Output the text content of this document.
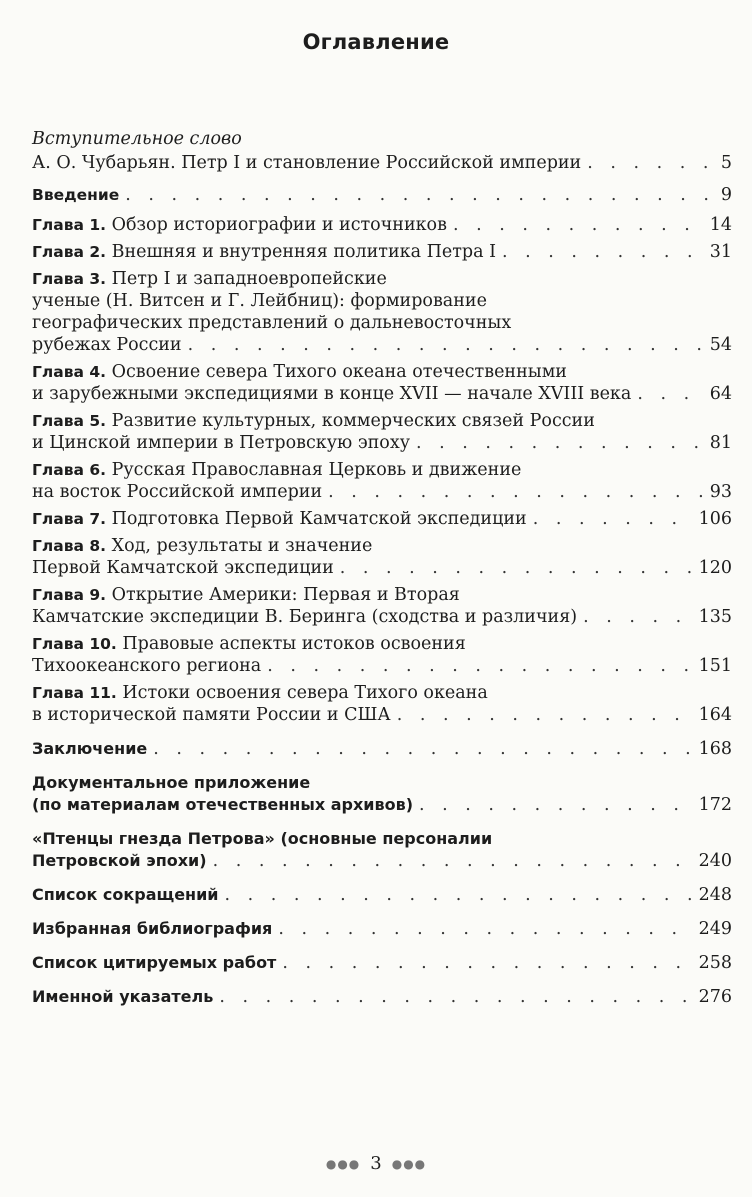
Оглавление
Вступительное слово
А. О. Чубарьян. Петр I и становление Российской империи . . .	5
Введение . . .	9
Глава 1. Обзор историографии и источников . . .	14
Глава 2. Внешняя и внутренняя политика Петра I . . .	31
Глава 3. Петр I и западноевропейские
ученые (Н. Витсен и Г. Лейбниц): формирование
географических представлений о дальневосточных
рубежах России . . .	54
Глава 4. Освоение севера Тихого океана отечественными
и зарубежными экспедициями в конце XVII — начале XVIII века . . .	64
Глава 5. Развитие культурных, коммерческих связей России
и Цинской империи в Петровскую эпоху . . .	81
Глава 6. Русская Православная Церковь и движение
на восток Российской империи . . .	93
Глава 7. Подготовка Первой Камчатской экспедиции . . .	106
Глава 8. Ход, результаты и значение
Первой Камчатской экспедиции . . .	120
Глава 9. Открытие Америки: Первая и Вторая
Камчатские экспедиции В. Беринга (сходства и различия) . . .	135
Глава 10. Правовые аспекты истоков освоения
Тихоокеанского региона . . .	151
Глава 11. Истоки освоения севера Тихого океана
в исторической памяти России и США . . .	164
Заключение . . .	168
Документальное приложение
(по материалам отечественных архивов) . . .	172
«Птенцы гнезда Петрова» (основные персоналии
Петровской эпохи) . . .	240
Список сокращений . . .	248
Избранная библиография . . .	249
Список цитируемых работ . . .	258
Именной указатель . . .	276
●●● 3 ●●●
